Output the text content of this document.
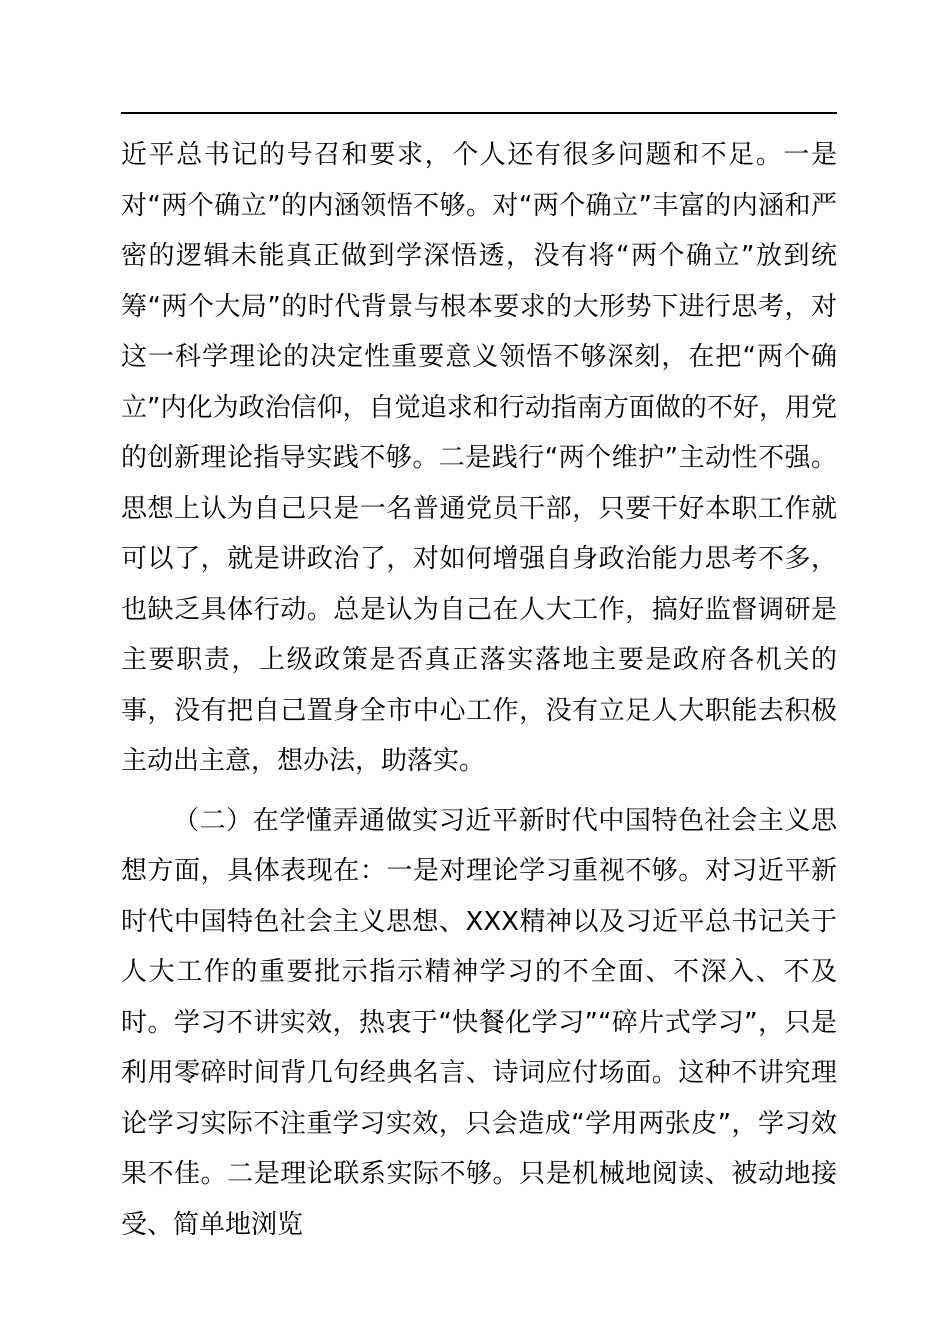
近平总书记的号召和要求，个人还有很多问题和不足。一是对“两个确立”的内涵领悟不够。对“两个确立”丰富的内涵和严密的逻辑未能真正做到学深悟透，没有将“两个确立”放到统筹“两个大局”的时代背景与根本要求的大形势下进行思考，对这一科学理论的决定性重要意义领悟不够深刻，在把“两个确立”内化为政治信仰，自觉追求和行动指南方面做的不好，用党的创新理论指导实践不够。二是践行“两个维护”主动性不强。思想上认为自己只是一名普通党员干部，只要干好本职工作就可以了，就是讲政治了，对如何增强自身政治能力思考不多，也缺乏具体行动。总是认为自己在人大工作，搞好监督调研是主要职责，上级政策是否真正落实落地主要是政府各机关的事，没有把自己置身全市中心工作，没有立足人大职能去积极主动出主意，想办法，助落实。

（二）在学懂弄通做实习近平新时代中国特色社会主义思想方面，具体表现在：一是对理论学习重视不够。对习近平新时代中国特色社会主义思想、XXX精神以及习近平总书记关于人大工作的重要批示指示精神学习的不全面、不深入、不及时。学习不讲实效，热衷于“快餐化学习”“碎片式学习”，只是利用零碎时间背几句经典名言、诗词应付场面。这种不讲究理论学习实际不注重学习实效，只会造成“学用两张皮”，学习效果不佳。二是理论联系实际不够。只是机械地阅读、被动地接受、简单地浏览
